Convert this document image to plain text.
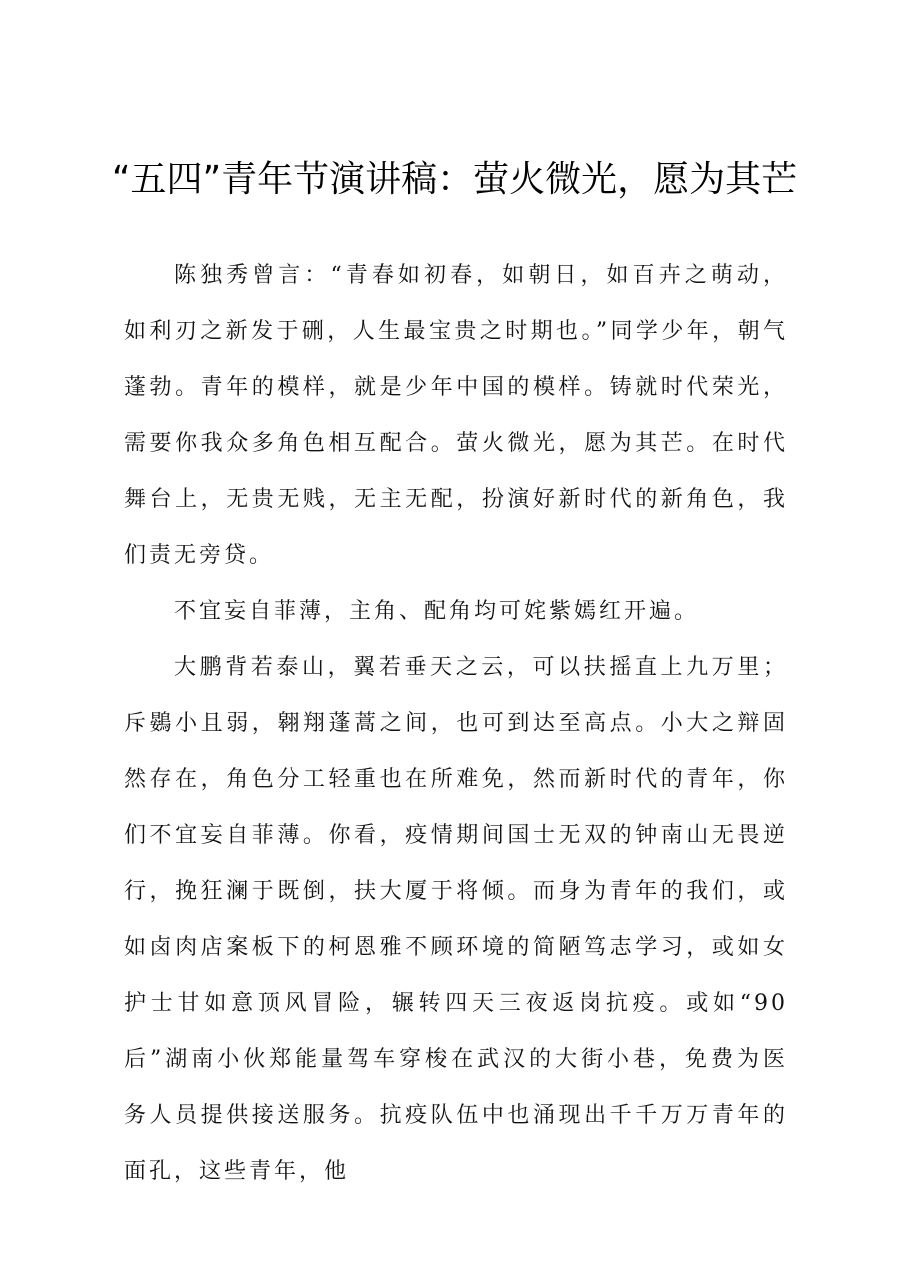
“五四”青年节演讲稿：萤火微光，愿为其芒

陈独秀曾言：“青春如初春，如朝日，如百卉之萌动，如利刃之新发于硎，人生最宝贵之时期也。”同学少年，朝气蓬勃。青年的模样，就是少年中国的模样。铸就时代荣光，需要你我众多角色相互配合。萤火微光，愿为其芒。在时代舞台上，无贵无贱，无主无配，扮演好新时代的新角色，我们责无旁贷。

不宜妄自菲薄，主角、配角均可姹紫嫣红开遍。

大鹏背若泰山，翼若垂天之云，可以扶摇直上九万里；斥鷃小且弱，翱翔蓬蒿之间，也可到达至高点。小大之辩固然存在，角色分工轻重也在所难免，然而新时代的青年，你们不宜妄自菲薄。你看，疫情期间国士无双的钟南山无畏逆行，挽狂澜于既倒，扶大厦于将倾。而身为青年的我们，或如卤肉店案板下的柯恩雅不顾环境的简陋笃志学习，或如女护士甘如意顶风冒险，辗转四天三夜返岗抗疫。或如“90后”湖南小伙郑能量驾车穿梭在武汉的大街小巷，免费为医务人员提供接送服务。抗疫队伍中也涌现出千千万万青年的面孔，这些青年，他
